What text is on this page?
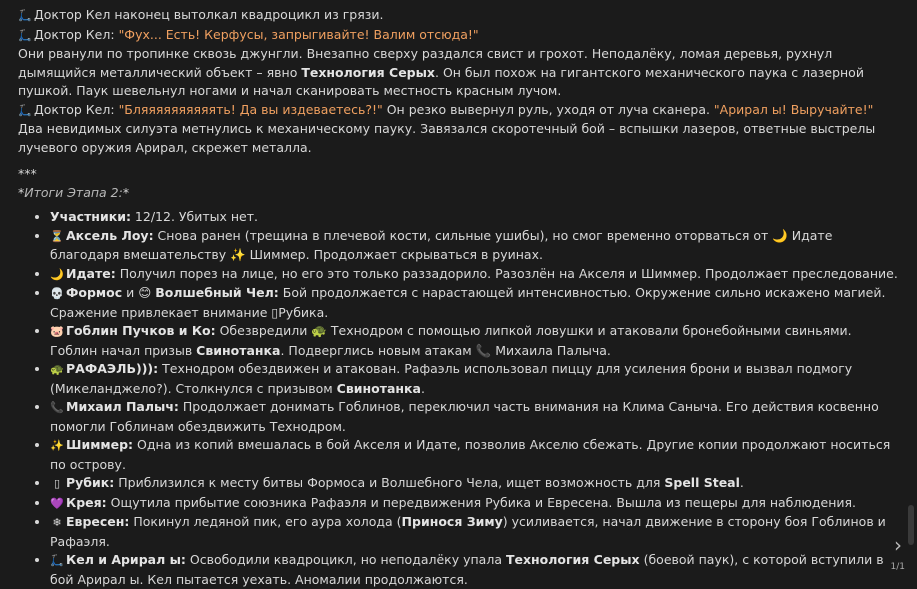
🛴 Доктор Кел наконец вытолкал квадроцикл из грязи.

🛴 Доктор Кел: "Фух... Есть! Керфусы, запрыгивайте! Валим отсюда!"

Они рванули по тропинке сквозь джунгли. Внезапно сверху раздался свист и грохот. Неподалёку, ломая деревья, рухнул дымящийся металлический объект – явно Технология Серых. Он был похож на гигантского механического паука с лазерной пушкой. Паук шевельнул ногами и начал сканировать местность красным лучом.

🛴 Доктор Кел: "Бляяяяяяяяяять! Да вы издеваетесь?!" Он резко вывернул руль, уходя от луча сканера. "Арирал ы! Выручайте!"

Два невидимых силуэта метнулись к механическому пауку. Завязался скоротечный бой – вспышки лазеров, ответные выстрелы лучевого оружия Арирал, скрежет металла.

***

*Итоги Этапа 2:*

• Участники: 12/12. Убитых нет.
• ⏳ Аксель Лоу: Снова ранен (трещина в плечевой кости, сильные ушибы), но смог временно оторваться от 🌙 Идате благодаря вмешательству ✨ Шиммер. Продолжает скрываться в руинах.
• 🌙 Идате: Получил порез на лице, но его это только раззадорило. Разозлён на Акселя и Шиммер. Продолжает преследование.
• 💀 Формос и 😊 Волшебный Чел: Бой продолжается с нарастающей интенсивностью. Окружение сильно искажено магией. Сражение привлекает внимание ▯Рубика.
• 🐷 Гоблин Пучков и Ко: Обезвредили 🐢 Технодром с помощью липкой ловушки и атаковали бронебойными свиньями. Гоблин начал призыв Свинотанка. Подверглись новым атакам 📞 Михаила Палыча.
• 🐢 РАФАЭЛЬ))): Технодром обездвижен и атакован. Рафаэль использовал пиццу для усиления брони и вызвал подмогу (Микеланджело?). Столкнулся с призывом Свинотанка.
• 📞 Михаил Палыч: Продолжает донимать Гоблинов, переключил часть внимания на Клима Саныча. Его действия косвенно помогли Гоблинам обездвижить Технодром.
• ✨ Шиммер: Одна из копий вмешалась в бой Акселя и Идате, позволив Акселю сбежать. Другие копии продолжают носиться по острову.
• ▯ Рубик: Приблизился к месту битвы Формоса и Волшебного Чела, ищет возможность для Spell Steal.
• 💜 Крея: Ощутила прибытие союзника Рафаэля и передвижения Рубика и Евресена. Вышла из пещеры для наблюдения.
• ❄ Евресен: Покинул ледяной пик, его аура холода (Принося Зиму) усиливается, начал движение в сторону боя Гоблинов и Рафаэля.
• 🛴 Кел и Арирал ы: Освободили квадроцикл, но неподалёку упала Технология Серых (боевой паук), с которой вступили в бой Арирал ы. Кел пытается уехать. Аномалии продолжаются.
›
1/1
